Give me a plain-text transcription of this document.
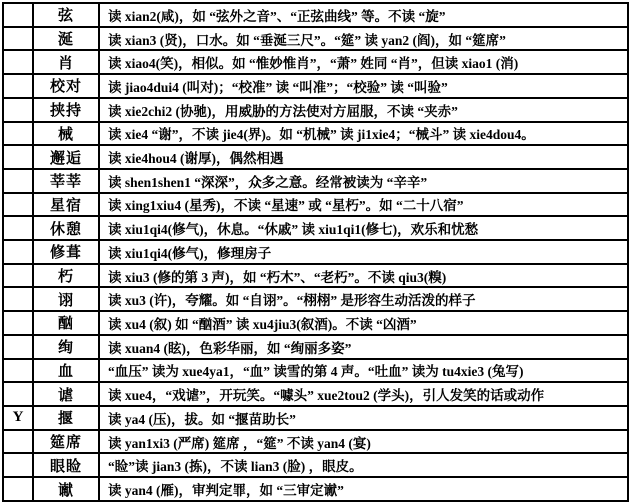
	弦	读 xian2(咸)，如 “弦外之音”、“正弦曲线” 等。不读 “旋”
	涎	读 xian3 (贤)，口水。如 “垂涎三尺”。“筵” 读 yan2 (阎)，如 “筵席”
	肖	读 xiao4(笑)，相似。如 “惟妙惟肖”，“萧” 姓同 “肖”，但读 xiao1 (消)
	校对	读 jiao4dui4 (叫对)；“校准” 读 “叫准”；“校验” 读 “叫验”
	挟持	读 xie2chi2 (协驰)，用威胁的方法使对方屈服，不读 “夹赤”
	械	读 xie4 “谢”，不读 jie4(界)。如 “机械” 读 ji1xie4；“械斗” 读 xie4dou4。
	邂逅	读 xie4hou4 (谢厚)，偶然相遇
	莘莘	读 shen1shen1 “深深”，众多之意。经常被读为 “辛辛”
	星宿	读 xing1xiu4 (星秀)，不读 “星速” 或 “星朽”。如 “二十八宿”
	休憩	读 xiu1qi4(修气)，休息。“休戚” 读 xiu1qi1(修七)，欢乐和忧愁
	修葺	读 xiu1qi4(修气)，修理房子
	朽	读 xiu3 (修的第 3 声)，如 “朽木”、“老朽”。不读 qiu3(糗)
	诩	读 xu3 (许)，夸耀。如 “自诩”。“栩栩” 是形容生动活泼的样子
	酗	读 xu4 (叙) 如 “酗酒” 读 xu4jiu3(叙酒)。不读 “凶酒”
	绚	读 xuan4 (眩)，色彩华丽，如 “绚丽多姿”
	血	“血压” 读为 xue4ya1，“血” 读雪的第 4 声。“吐血” 读为 tu4xie3 (兔写)
	谑	读 xue4，“戏谑”，开玩笑。“噱头” xue2tou2 (学头)，引人发笑的话或动作
Y	揠	读 ya4 (压)，拔。如 “揠苗助长”
	筵席	读 yan1xi3 (严席) 筵席 ，“筵” 不读 yan4 (宴)
	眼睑	“睑”读 jian3 (拣)，不读 lian3 (脸) ，眼皮。
	谳	读 yan4 (雁)，审判定罪，如 “三审定谳”
